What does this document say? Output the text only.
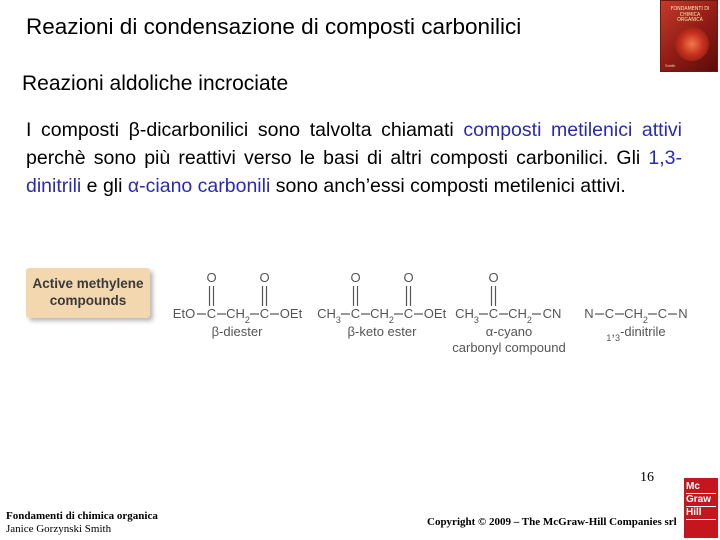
Reazioni di condensazione di composti carbonilici
FONDAMENTI DI CHIMICA ORGANICA
Smith
Reazioni aldoliche incrociate
I composti β-dicarbonilici sono talvolta chiamati composti metilenici attivi perchè sono più reattivi verso le basi di altri composti carbonilici. Gli 1,3-dinitrili e gli α-ciano carbonili sono anch’essi composti metilenici attivi.
Active methylene
compounds
EtO C $CH_2$ C OEt
O	O
β-diester
$CH_3$ C $CH_2$ C OEt
O	O
β-keto ester
$CH_3$ C $CH_2$ CN
O
α-cyano
carbonyl compound
N C $CH_2$ C N
$_1,_3$-dinitrile
16
Fondamenti di chimica organica
Janice Gorzynski Smith
Copyright © 2009 – The McGraw-Hill Companies srl
Mc
Graw
Hill
